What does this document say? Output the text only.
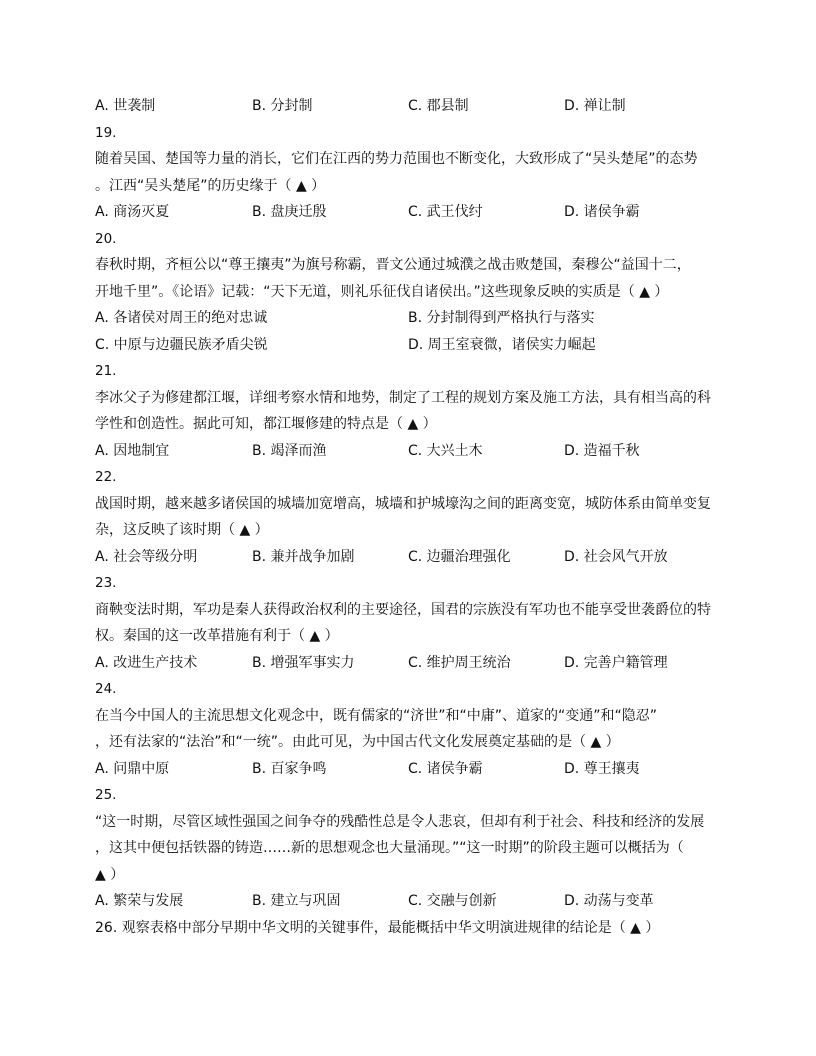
A. 世袭制	B. 分封制	C. 郡县制	D. 禅让制
19.
随着吴国、楚国等力量的消长，它们在江西的势力范围也不断变化，大致形成了“吴头楚尾”的态势
。江西“吴头楚尾”的历史缘于（ ▲ ）
A. 商汤灭夏	B. 盘庚迁殷	C. 武王伐纣	D. 诸侯争霸
20.
春秋时期，齐桓公以“尊王攘夷”为旗号称霸，晋文公通过城濮之战击败楚国，秦穆公“益国十二，
开地千里”。《论语》记载：“天下无道，则礼乐征伐自诸侯出。”这些现象反映的实质是（ ▲ ）
A. 各诸侯对周王的绝对忠诚	B. 分封制得到严格执行与落实
C. 中原与边疆民族矛盾尖锐	D. 周王室衰微，诸侯实力崛起
21.
李冰父子为修建都江堰，详细考察水情和地势，制定了工程的规划方案及施工方法，具有相当高的科
学性和创造性。据此可知，都江堰修建的特点是（ ▲ ）
A. 因地制宜	B. 竭泽而渔	C. 大兴土木	D. 造福千秋
22.
战国时期，越来越多诸侯国的城墙加宽增高，城墙和护城壕沟之间的距离变宽，城防体系由简单变复
杂，这反映了该时期（ ▲ ）
A. 社会等级分明	B. 兼并战争加剧	C. 边疆治理强化	D. 社会风气开放
23.
商鞅变法时期，军功是秦人获得政治权利的主要途径，国君的宗族没有军功也不能享受世袭爵位的特
权。秦国的这一改革措施有利于（ ▲ ）
A. 改进生产技术	B. 增强军事实力	C. 维护周王统治	D. 完善户籍管理
24.
在当今中国人的主流思想文化观念中，既有儒家的“济世”和“中庸”、道家的“变通”和“隐忍”
，还有法家的“法治”和“一统”。由此可见，为中国古代文化发展奠定基础的是（ ▲ ）
A. 问鼎中原	B. 百家争鸣	C. 诸侯争霸	D. 尊王攘夷
25.
“这一时期，尽管区域性强国之间争夺的残酷性总是令人悲哀，但却有利于社会、科技和经济的发展
，这其中便包括铁器的铸造……新的思想观念也大量涌现。”“这一时期”的阶段主题可以概括为（
▲ ）
A. 繁荣与发展	B. 建立与巩固	C. 交融与创新	D. 动荡与变革
26. 观察表格中部分早期中华文明的关键事件，最能概括中华文明演进规律的结论是（ ▲ ）
